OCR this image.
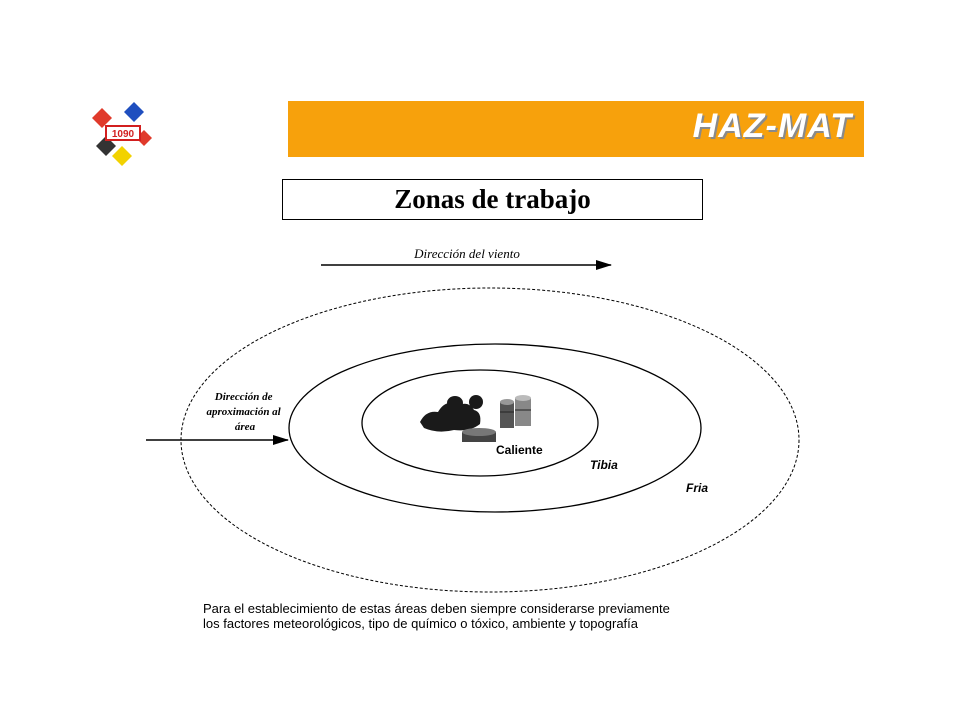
1090	HAZ-MAT
Zonas de trabajo
Dirección del viento
Dirección de aproximación al área
Caliente
Tibia
Fria
Para el establecimiento de estas áreas deben siempre considerarse previamente
los factores meteorológicos, tipo de químico o tóxico, ambiente y topografía
